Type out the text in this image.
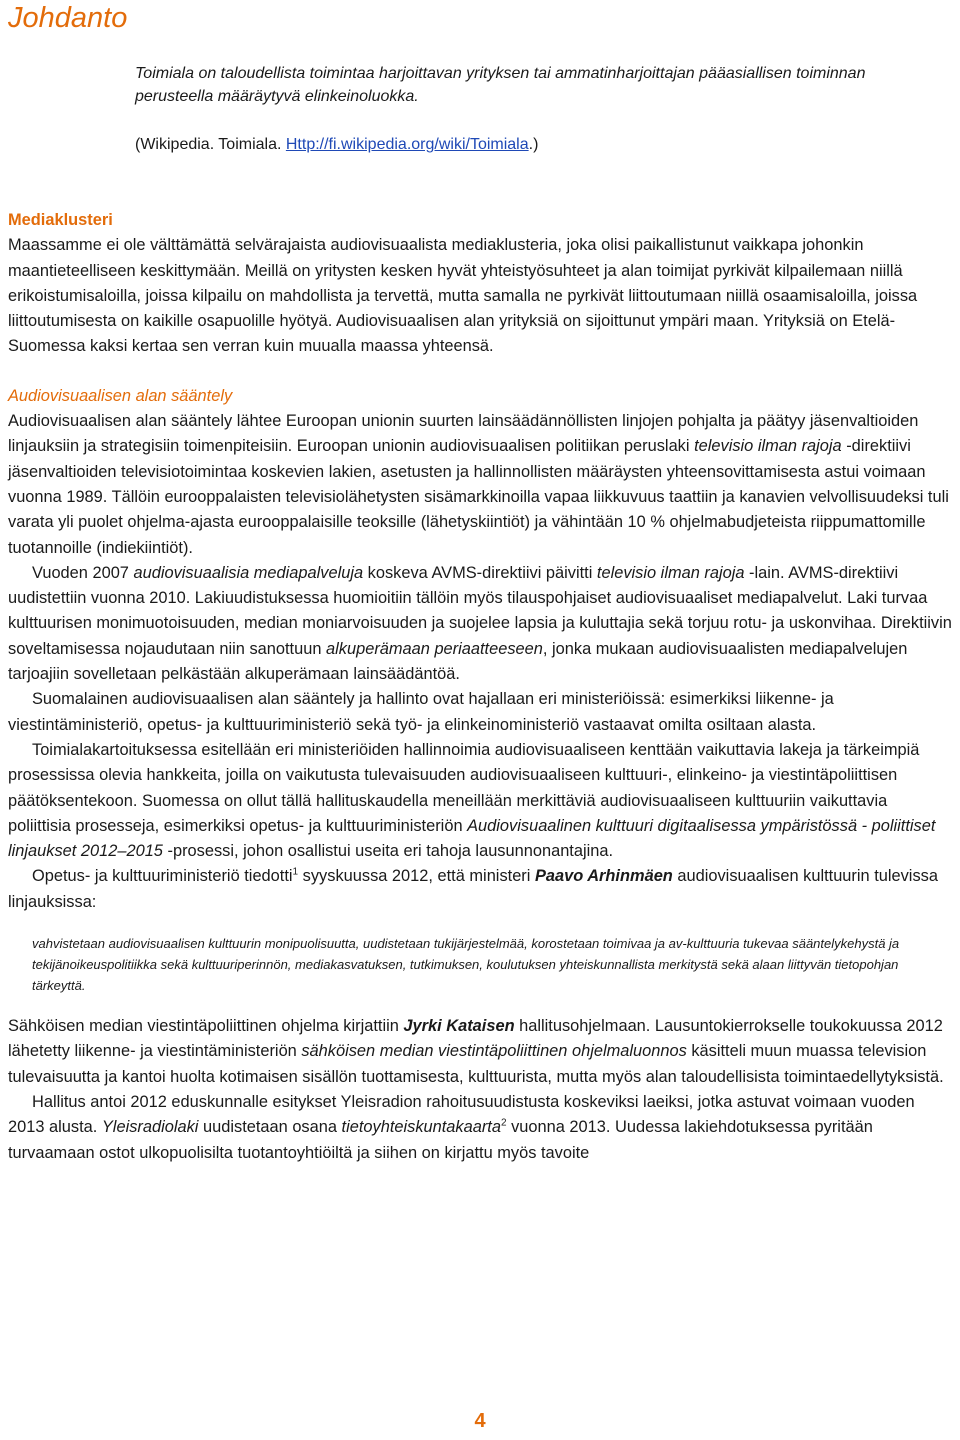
Johdanto

Toimiala on taloudellista toimintaa harjoittavan yrityksen tai ammatinharjoittajan pääasiallisen toiminnan perusteella määräytyvä elinkeinoluokka.

(Wikipedia. Toimiala. Http://fi.wikipedia.org/wiki/Toimiala.)

Mediaklusteri

Maassamme ei ole välttämättä selvärajaista audiovisuaalista mediaklusteria, joka olisi paikallistunut vaikkapa johonkin maantieteelliseen keskittymään. Meillä on yritysten kesken hyvät yhteistyösuhteet ja alan toimijat pyrkivät kilpailemaan niillä erikoistumisaloilla, joissa kilpailu on mahdollista ja tervettä, mutta samalla ne pyrkivät liittoutumaan niillä osaamisaloilla, joissa liittoutumisesta on kaikille osapuolille hyötyä. Audiovisuaalisen alan yrityksiä on sijoittunut ympäri maan. Yrityksiä on Etelä-Suomessa kaksi kertaa sen verran kuin muualla maassa yhteensä.

Audiovisuaalisen alan sääntely

Audiovisuaalisen alan sääntely lähtee Euroopan unionin suurten lainsäädännöllisten linjojen pohjalta ja päätyy jäsenvaltioiden linjauksiin ja strategisiin toimenpiteisiin. Euroopan unionin audiovisuaalisen politiikan peruslaki televisio ilman rajoja -direktiivi jäsenvaltioiden televisiotoimintaa koskevien lakien, asetusten ja hallinnollisten määräysten yhteensovittamisesta astui voimaan vuonna 1989. Tällöin eurooppalaisten televisiolähetysten sisämarkkinoilla vapaa liikkuvuus taattiin ja kanavien velvollisuudeksi tuli varata yli puolet ohjelma-ajasta eurooppalaisille teoksille (lähetyskiintiöt) ja vähintään 10 % ohjelmabudjeteista riippumattomille tuotannoille (indiekiintiöt).

Vuoden 2007 audiovisuaalisia mediapalveluja koskeva AVMS-direktiivi päivitti televisio ilman rajoja -lain. AVMS-direktiivi uudistettiin vuonna 2010. Lakiuudistuksessa huomioitiin tällöin myös tilauspohjaiset audiovisuaaliset mediapalvelut. Laki turvaa kulttuurisen monimuotoisuuden, median moniarvoisuuden ja suojelee lapsia ja kuluttajia sekä torjuu rotu- ja uskonvihaa. Direktiivin soveltamisessa nojaudutaan niin sanottuun alkuperämaan periaatteeseen, jonka mukaan audiovisuaalisten mediapalvelujen tarjoajiin sovelletaan pelkästään alkuperämaan lainsäädäntöä.

Suomalainen audiovisuaalisen alan sääntely ja hallinto ovat hajallaan eri ministeriöissä: esimerkiksi liikenne- ja viestintäministeriö, opetus- ja kulttuuriministeriö sekä työ- ja elinkeinoministeriö vastaavat omilta osiltaan alasta.

Toimialakartoituksessa esitellään eri ministeriöiden hallinnoimia audiovisuaaliseen kenttään vaikuttavia lakeja ja tärkeimpiä prosessissa olevia hankkeita, joilla on vaikutusta tulevaisuuden audiovisuaaliseen kulttuuri-, elinkeino- ja viestintäpoliittisen päätöksentekoon. Suomessa on ollut tällä hallituskaudella meneillään merkittäviä audiovisuaaliseen kulttuuriin vaikuttavia poliittisia prosesseja, esimerkiksi opetus- ja kulttuuriministeriön Audiovisuaalinen kulttuuri digitaalisessa ympäristössä - poliittiset linjaukset 2012–2015 -prosessi, johon osallistui useita eri tahoja lausunnonantajina.

Opetus- ja kulttuuriministeriö tiedotti$^1$ syyskuussa 2012, että ministeri Paavo Arhinmäen audiovisuaalisen kulttuurin tulevissa linjauksissa:

vahvistetaan audiovisuaalisen kulttuurin monipuolisuutta, uudistetaan tukijärjestelmää, korostetaan toimivaa ja av-kulttuuria tukevaa sääntelykehystä ja tekijänoikeuspolitiikka sekä kulttuuriperinnön, mediakasvatuksen, tutkimuksen, koulutuksen yhteiskunnallista merkitystä sekä alaan liittyvän tietopohjan tärkeyttä.

Sähköisen median viestintäpoliittinen ohjelma kirjattiin Jyrki Kataisen hallitusohjelmaan. Lausuntokierrokselle toukokuussa 2012 lähetetty liikenne- ja viestintäministeriön sähköisen median viestintäpoliittinen ohjelmaluonnos käsitteli muun muassa television tulevaisuutta ja kantoi huolta kotimaisen sisällön tuottamisesta, kulttuurista, mutta myös alan taloudellisista toimintaedellytyksistä.

Hallitus antoi 2012 eduskunnalle esitykset Yleisradion rahoitusuudistusta koskeviksi laeiksi, jotka astuvat voimaan vuoden 2013 alusta. Yleisradiolaki uudistetaan osana tietoyhteiskuntakaarta$^2$ vuonna 2013. Uudessa lakiehdotuksessa pyritään turvaamaan ostot ulkopuolisilta tuotantoyhtiöiltä ja siihen on kirjattu myös tavoite

4
